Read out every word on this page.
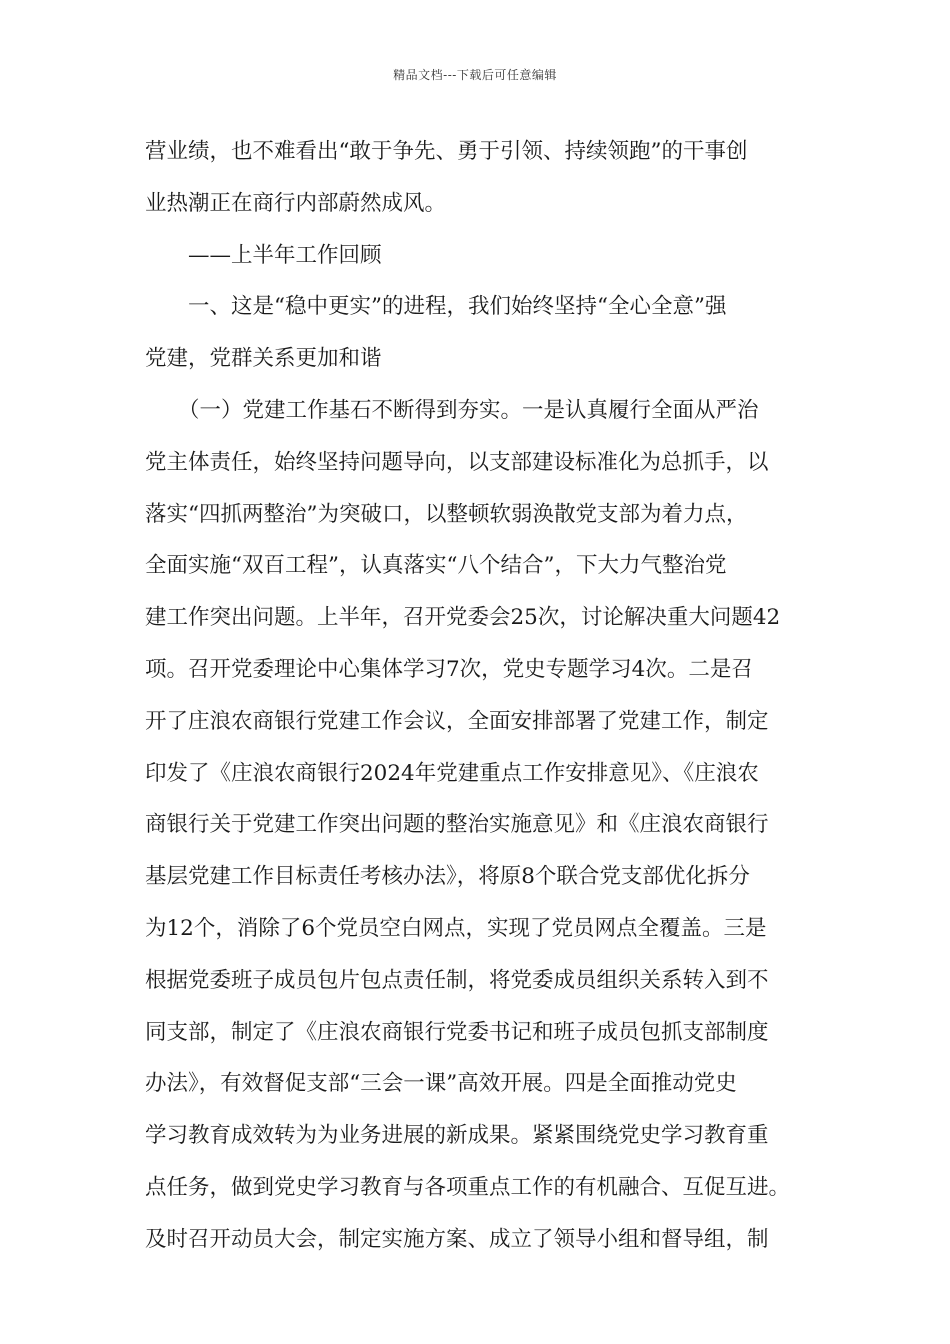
精品文档---下载后可任意编辑
营业绩，也不难看出“敢于争先、勇于引领、持续领跑”的干事创
业热潮正在商行内部蔚然成风。
——上半年工作回顾
一、这是“稳中更实”的进程，我们始终坚持“全心全意”强
党建，党群关系更加和谐
（一）党建工作基石不断得到夯实。一是认真履行全面从严治
党主体责任，始终坚持问题导向，以支部建设标准化为总抓手，以
落实“四抓两整治”为突破口，以整顿软弱涣散党支部为着力点，
全面实施“双百工程”，认真落实“八个结合”，下大力气整治党
建工作突出问题。上半年，召开党委会25次，讨论解决重大问题42
项。召开党委理论中心集体学习7次，党史专题学习4次。二是召
开了庄浪农商银行党建工作会议，全面安排部署了党建工作，制定
印发了《庄浪农商银行2024年党建重点工作安排意见》、《庄浪农
商银行关于党建工作突出问题的整治实施意见》和《庄浪农商银行
基层党建工作目标责任考核办法》，将原8个联合党支部优化拆分
为12个，消除了6个党员空白网点，实现了党员网点全覆盖。三是
根据党委班子成员包片包点责任制，将党委成员组织关系转入到不
同支部，制定了《庄浪农商银行党委书记和班子成员包抓支部制度
办法》，有效督促支部“三会一课”高效开展。四是全面推动党史
学习教育成效转为为业务进展的新成果。紧紧围绕党史学习教育重
点任务，做到党史学习教育与各项重点工作的有机融合、互促互进。
及时召开动员大会，制定实施方案、成立了领导小组和督导组，制
